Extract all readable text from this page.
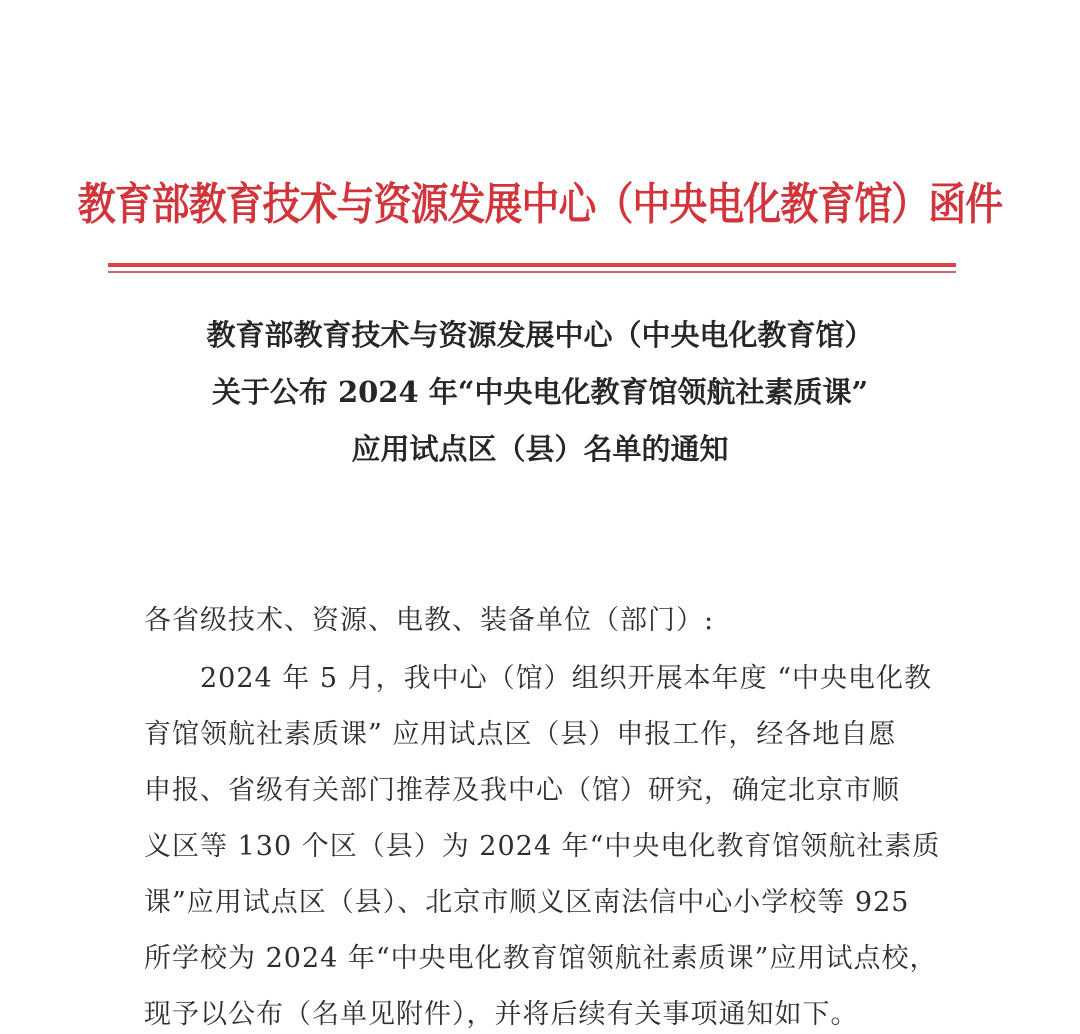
教育部教育技术与资源发展中心（中央电化教育馆）函件
教育部教育技术与资源发展中心（中央电化教育馆）
关于公布 2024 年“中央电化教育馆领航社素质课”
应用试点区（县）名单的通知
各省级技术、资源、电教、装备单位（部门）:
2024 年 5 月，我中心（馆）组织开展本年度 “中央电化教
育馆领航社素质课” 应用试点区（县）申报工作，经各地自愿
申报、省级有关部门推荐及我中心（馆）研究，确定北京市顺
义区等 130 个区（县）为 2024 年“中央电化教育馆领航社素质
课”应用试点区（县）、北京市顺义区南法信中心小学校等 925
所学校为 2024 年“中央电化教育馆领航社素质课”应用试点校，
现予以公布（名单见附件），并将后续有关事项通知如下。
